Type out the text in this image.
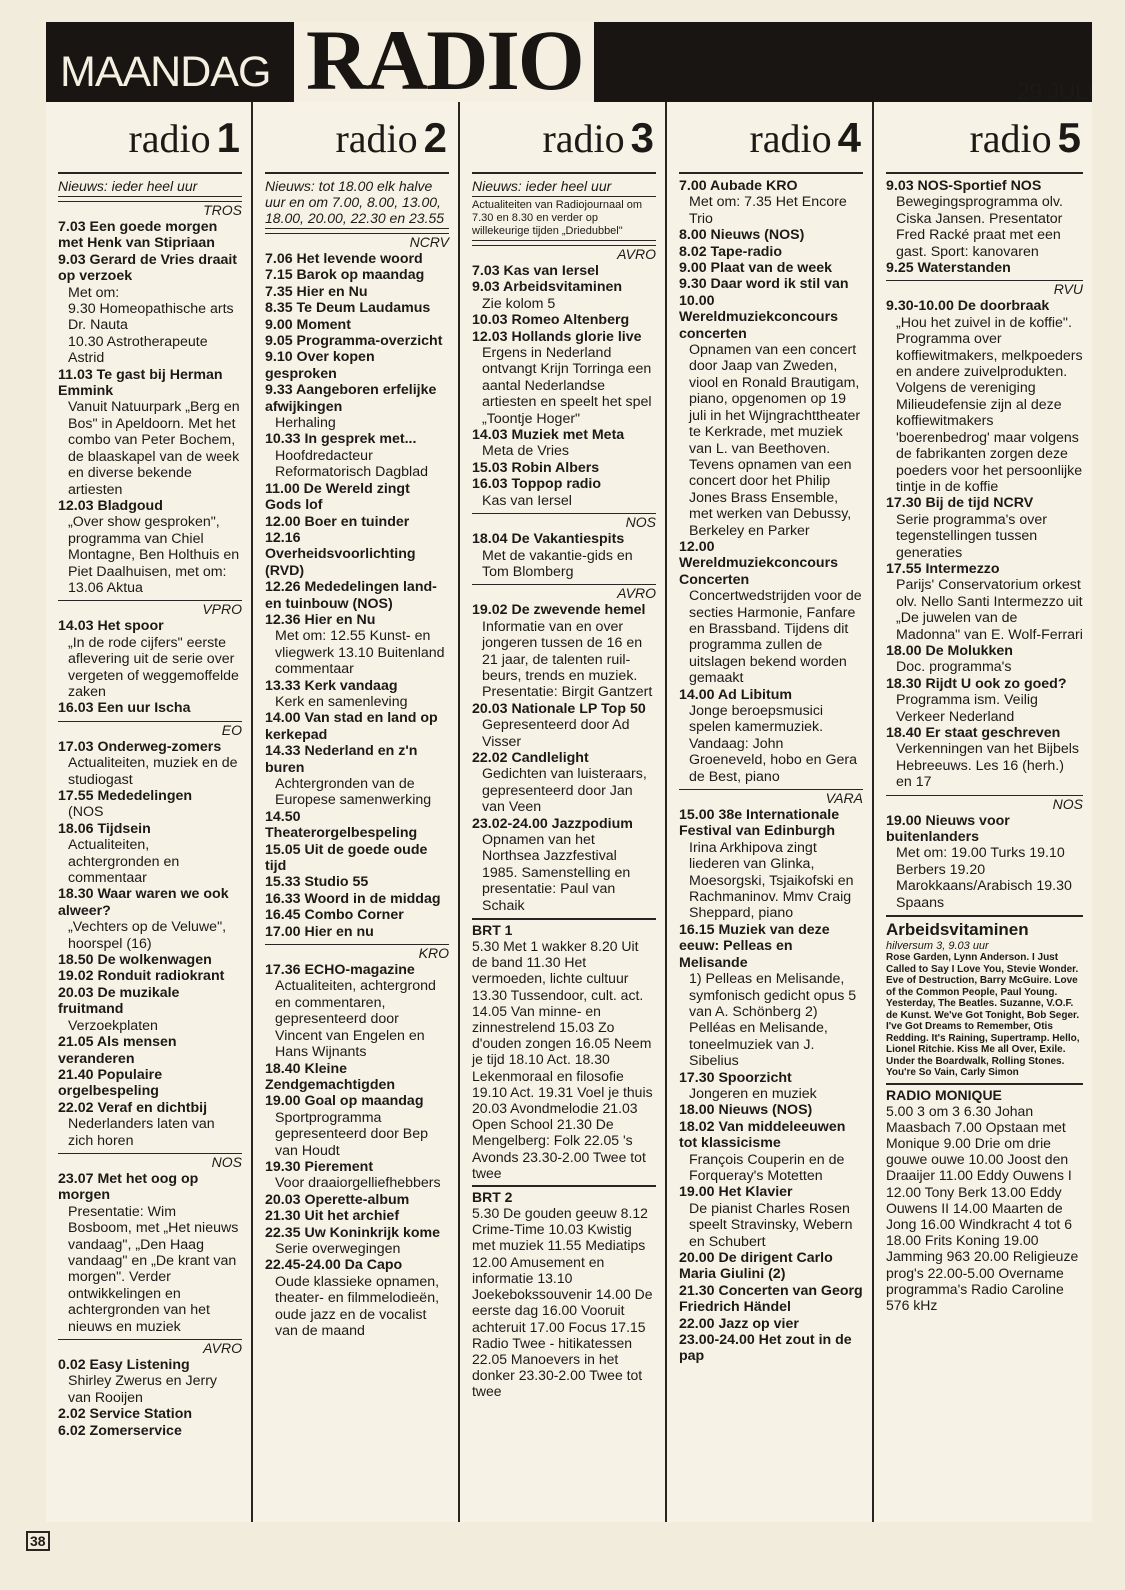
MAANDAG RADIO	29 JULI
radio 1
Nieuws: ieder heel uur
TROS
7.03 Een goede morgen met Henk van Stipriaan
9.03 Gerard de Vries draait op verzoek
Met om:
9.30 Homeopathische arts Dr. Nauta
10.30 Astrotherapeute Astrid
11.03 Te gast bij Herman Emmink
Vanuit Natuurpark „Berg en Bos" in Apeldoorn. Met het combo van Peter Bochem, de blaaskapel van de week en diverse bekende artiesten
12.03 Bladgoud
„Over show gesproken", programma van Chiel Montagne, Ben Holthuis en Piet Daalhuisen, met om: 13.06 Aktua
VPRO
14.03 Het spoor
„In de rode cijfers" eerste aflevering uit de serie over vergeten of weggemoffelde zaken
16.03 Een uur Ischa
EO
17.03 Onderweg-zomers
Actualiteiten, muziek en de studiogast
17.55 Mededelingen
(NOS
18.06 Tijdsein
Actualiteiten, achtergronden en commentaar
18.30 Waar waren we ook alweer?
„Vechters op de Veluwe", hoorspel (16)
18.50 De wolkenwagen
19.02 Ronduit radiokrant
20.03 De muzikale fruitmand
Verzoekplaten
21.05 Als mensen veranderen
21.40 Populaire orgelbespeling
22.02 Veraf en dichtbij
Nederlanders laten van zich horen
NOS
23.07 Met het oog op morgen
Presentatie: Wim Bosboom, met „Het nieuws vandaag", „Den Haag vandaag" en „De krant van morgen". Verder ontwikkelingen en achtergronden van het nieuws en muziek
AVRO
0.02 Easy Listening
Shirley Zwerus en Jerry van Rooijen
2.02 Service Station
6.02 Zomerservice
radio 2
Nieuws: tot 18.00 elk halve uur en om 7.00, 8.00, 13.00, 18.00, 20.00, 22.30 en 23.55
NCRV
7.06 Het levende woord
7.15 Barok op maandag
7.35 Hier en Nu
8.35 Te Deum Laudamus
9.00 Moment
9.05 Programma-overzicht
9.10 Over kopen gesproken
9.33 Aangeboren erfelijke afwijkingen
Herhaling
10.33 In gesprek met...
Hoofdredacteur Reformatorisch Dagblad
11.00 De Wereld zingt Gods lof
12.00 Boer en tuinder
12.16 Overheidsvoorlichting (RVD)
12.26 Mededelingen land- en tuinbouw (NOS)
12.36 Hier en Nu
Met om: 12.55 Kunst- en vliegwerk 13.10 Buitenland commentaar
13.33 Kerk vandaag
Kerk en samenleving
14.00 Van stad en land op kerkepad
14.33 Nederland en z'n buren
Achtergronden van de Europese samenwerking
14.50 Theaterorgelbespeling
15.05 Uit de goede oude tijd
15.33 Studio 55
16.33 Woord in de middag
16.45 Combo Corner
17.00 Hier en nu
KRO
17.36 ECHO-magazine
Actualiteiten, achtergrond en commentaren, gepresenteerd door Vincent van Engelen en Hans Wijnants
18.40 Kleine Zendgemachtigden
19.00 Goal op maandag
Sportprogramma gepresenteerd door Bep van Houdt
19.30 Pierement
Voor draaiorgelliefhebbers
20.03 Operette-album
21.30 Uit het archief
22.35 Uw Koninkrijk kome
Serie overwegingen
22.45-24.00 Da Capo
Oude klassieke opnamen, theater- en filmmelodieën, oude jazz en de vocalist van de maand
radio 3
Nieuws: ieder heel uur
Actualiteiten van Radiojournaal om 7.30 en 8.30 en verder op willekeurige tijden „Driedubbel"
AVRO
7.03 Kas van Iersel
9.03 Arbeidsvitaminen
Zie kolom 5
10.03 Romeo Altenberg
12.03 Hollands glorie live
Ergens in Nederland ontvangt Krijn Torringa een aantal Nederlandse artiesten en speelt het spel „Toontje Hoger"
14.03 Muziek met Meta
Meta de Vries
15.03 Robin Albers
16.03 Toppop radio
Kas van Iersel
NOS
18.04 De Vakantiespits
Met de vakantie-gids en Tom Blomberg
AVRO
19.02 De zwevende hemel
Informatie van en over jongeren tussen de 16 en 21 jaar, de talenten ruil-beurs, trends en muziek. Presentatie: Birgit Gantzert
20.03 Nationale LP Top 50
Gepresenteerd door Ad Visser
22.02 Candlelight
Gedichten van luisteraars, gepresenteerd door Jan van Veen
23.02-24.00 Jazzpodium
Opnamen van het Northsea Jazzfestival 1985. Samenstelling en presentatie: Paul van Schaik
BRT 1
5.30 Met 1 wakker 8.20 Uit de band 11.30 Het vermoeden, lichte cultuur 13.30 Tussendoor, cult. act. 14.05 Van minne- en zinnestrelend 15.03 Zo d'ouden zongen 16.05 Neem je tijd 18.10 Act. 18.30 Lekenmoraal en filosofie 19.10 Act. 19.31 Voel je thuis 20.03 Avondmelodie 21.03 Open School 21.30 De Mengelberg: Folk 22.05 's Avonds 23.30-2.00 Twee tot twee
BRT 2
5.30 De gouden geeuw 8.12 Crime-Time 10.03 Kwistig met muziek 11.55 Mediatips 12.00 Amusement en informatie 13.10 Joekebokssouvenir 14.00 De eerste dag 16.00 Vooruit achteruit 17.00 Focus 17.15 Radio Twee - hitikatessen 22.05 Manoevers in het donker 23.30-2.00 Twee tot twee
radio 4
7.00 Aubade KRO
Met om: 7.35 Het Encore Trio
8.00 Nieuws (NOS)
8.02 Tape-radio
9.00 Plaat van de week
9.30 Daar word ik stil van
10.00 Wereldmuziekconcours concerten
Opnamen van een concert door Jaap van Zweden, viool en Ronald Brautigam, piano, opgenomen op 19 juli in het Wijngrachttheater te Kerkrade, met muziek van L. van Beethoven. Tevens opnamen van een concert door het Philip Jones Brass Ensemble, met werken van Debussy, Berkeley en Parker
12.00 Wereldmuziekconcours Concerten
Concertwedstrijden voor de secties Harmonie, Fanfare en Brassband. Tijdens dit programma zullen de uitslagen bekend worden gemaakt
14.00 Ad Libitum
Jonge beroepsmusici spelen kamermuziek. Vandaag: John Groeneveld, hobo en Gera de Best, piano
VARA
15.00 38e Internationale Festival van Edinburgh
Irina Arkhipova zingt liederen van Glinka, Moesorgski, Tsjaikofski en Rachmaninov. Mmv Craig Sheppard, piano
16.15 Muziek van deze eeuw: Pelleas en Melisande
1) Pelleas en Melisande, symfonisch gedicht opus 5 van A. Schönberg 2) Pelléas en Melisande, toneelmuziek van J. Sibelius
17.30 Spoorzicht
Jongeren en muziek
18.00 Nieuws (NOS)
18.02 Van middeleeuwen tot klassicisme
François Couperin en de Forqueray's Motetten
19.00 Het Klavier
De pianist Charles Rosen speelt Stravinsky, Webern en Schubert
20.00 De dirigent Carlo Maria Giulini (2)
21.30 Concerten van Georg Friedrich Händel
22.00 Jazz op vier
23.00-24.00 Het zout in de pap
radio 5
9.03 NOS-Sportief NOS
Bewegingsprogramma olv. Ciska Jansen. Presentator Fred Racké praat met een gast. Sport: kanovaren
9.25 Waterstanden
RVU
9.30-10.00 De doorbraak
„Hou het zuivel in de koffie". Programma over koffiewitmakers, melkpoeders en andere zuivelprodukten. Volgens de vereniging Milieudefensie zijn al deze koffiewitmakers 'boerenbedrog' maar volgens de fabrikanten zorgen deze poeders voor het persoonlijke tintje in de koffie
17.30 Bij de tijd NCRV
Serie programma's over tegenstellingen tussen generaties
17.55 Intermezzo
Parijs' Conservatorium orkest olv. Nello Santi Intermezzo uit „De juwelen van de Madonna" van E. Wolf-Ferrari
18.00 De Molukken
Doc. programma's
18.30 Rijdt U ook zo goed?
Programma ism. Veilig Verkeer Nederland
18.40 Er staat geschreven
Verkenningen van het Bijbels Hebreeuws. Les 16 (herh.) en 17
NOS
19.00 Nieuws voor buitenlanders
Met om: 19.00 Turks 19.10 Berbers 19.20 Marokkaans/Arabisch 19.30 Spaans
Arbeidsvitaminen
hilversum 3, 9.03 uur
Rose Garden, Lynn Anderson. I Just Called to Say I Love You, Stevie Wonder. Eve of Destruction, Barry McGuire. Love of the Common People, Paul Young. Yesterday, The Beatles. Suzanne, V.O.F. de Kunst. We've Got Tonight, Bob Seger. I've Got Dreams to Remember, Otis Redding. It's Raining, Supertramp. Hello, Lionel Ritchie. Kiss Me all Over, Exile. Under the Boardwalk, Rolling Stones. You're So Vain, Carly Simon
RADIO MONIQUE
5.00 3 om 3 6.30 Johan Maasbach 7.00 Opstaan met Monique 9.00 Drie om drie gouwe ouwe 10.00 Joost den Draaijer 11.00 Eddy Ouwens I 12.00 Tony Berk 13.00 Eddy Ouwens II 14.00 Maarten de Jong 16.00 Windkracht 4 tot 6 18.00 Frits Koning 19.00 Jamming 963 20.00 Religieuze prog's 22.00-5.00 Overname programma's Radio Caroline 576 kHz
38
